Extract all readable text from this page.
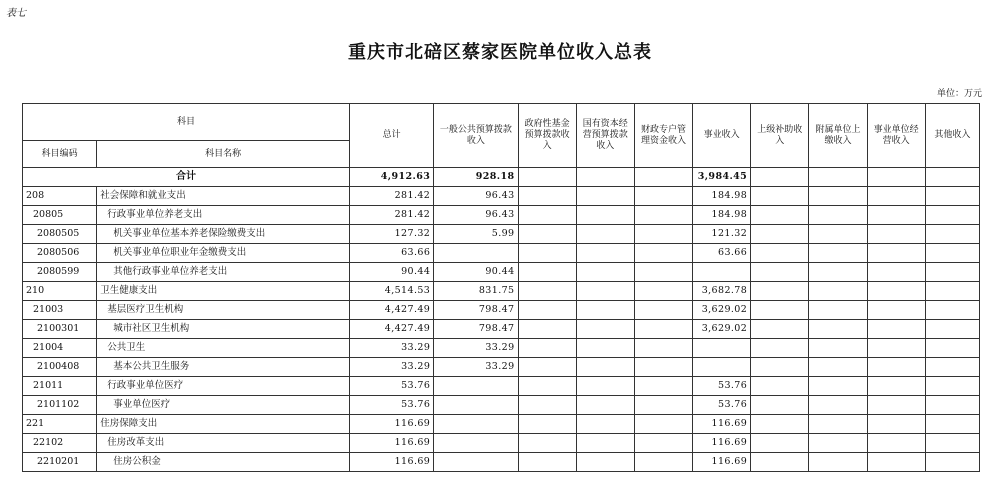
表七
重庆市北碚区蔡家医院单位收入总表
单位：万元
科目		总计	一般公共预算拨款收入	政府性基金预算拨款收入	国有资本经营预算拨款收入	财政专户管理资金收入	事业收入	上级补助收入	附属单位上缴收入	事业单位经营收入	其他收入
科目编码	科目名称										
合计		4,912.63	928.18				3,984.45				
208	社会保障和就业支出	281.42	96.43				184.98				
20805	行政事业单位养老支出	281.42	96.43				184.98				
2080505	机关事业单位基本养老保险缴费支出	127.32	5.99				121.32				
2080506	机关事业单位职业年金缴费支出	63.66					63.66				
2080599	其他行政事业单位养老支出	90.44	90.44								
210	卫生健康支出	4,514.53	831.75				3,682.78				
21003	基层医疗卫生机构	4,427.49	798.47				3,629.02				
2100301	城市社区卫生机构	4,427.49	798.47				3,629.02				
21004	公共卫生	33.29	33.29								
2100408	基本公共卫生服务	33.29	33.29								
21011	行政事业单位医疗	53.76					53.76				
2101102	事业单位医疗	53.76					53.76				
221	住房保障支出	116.69					116.69				
22102	住房改革支出	116.69					116.69				
2210201	住房公积金	116.69					116.69				
